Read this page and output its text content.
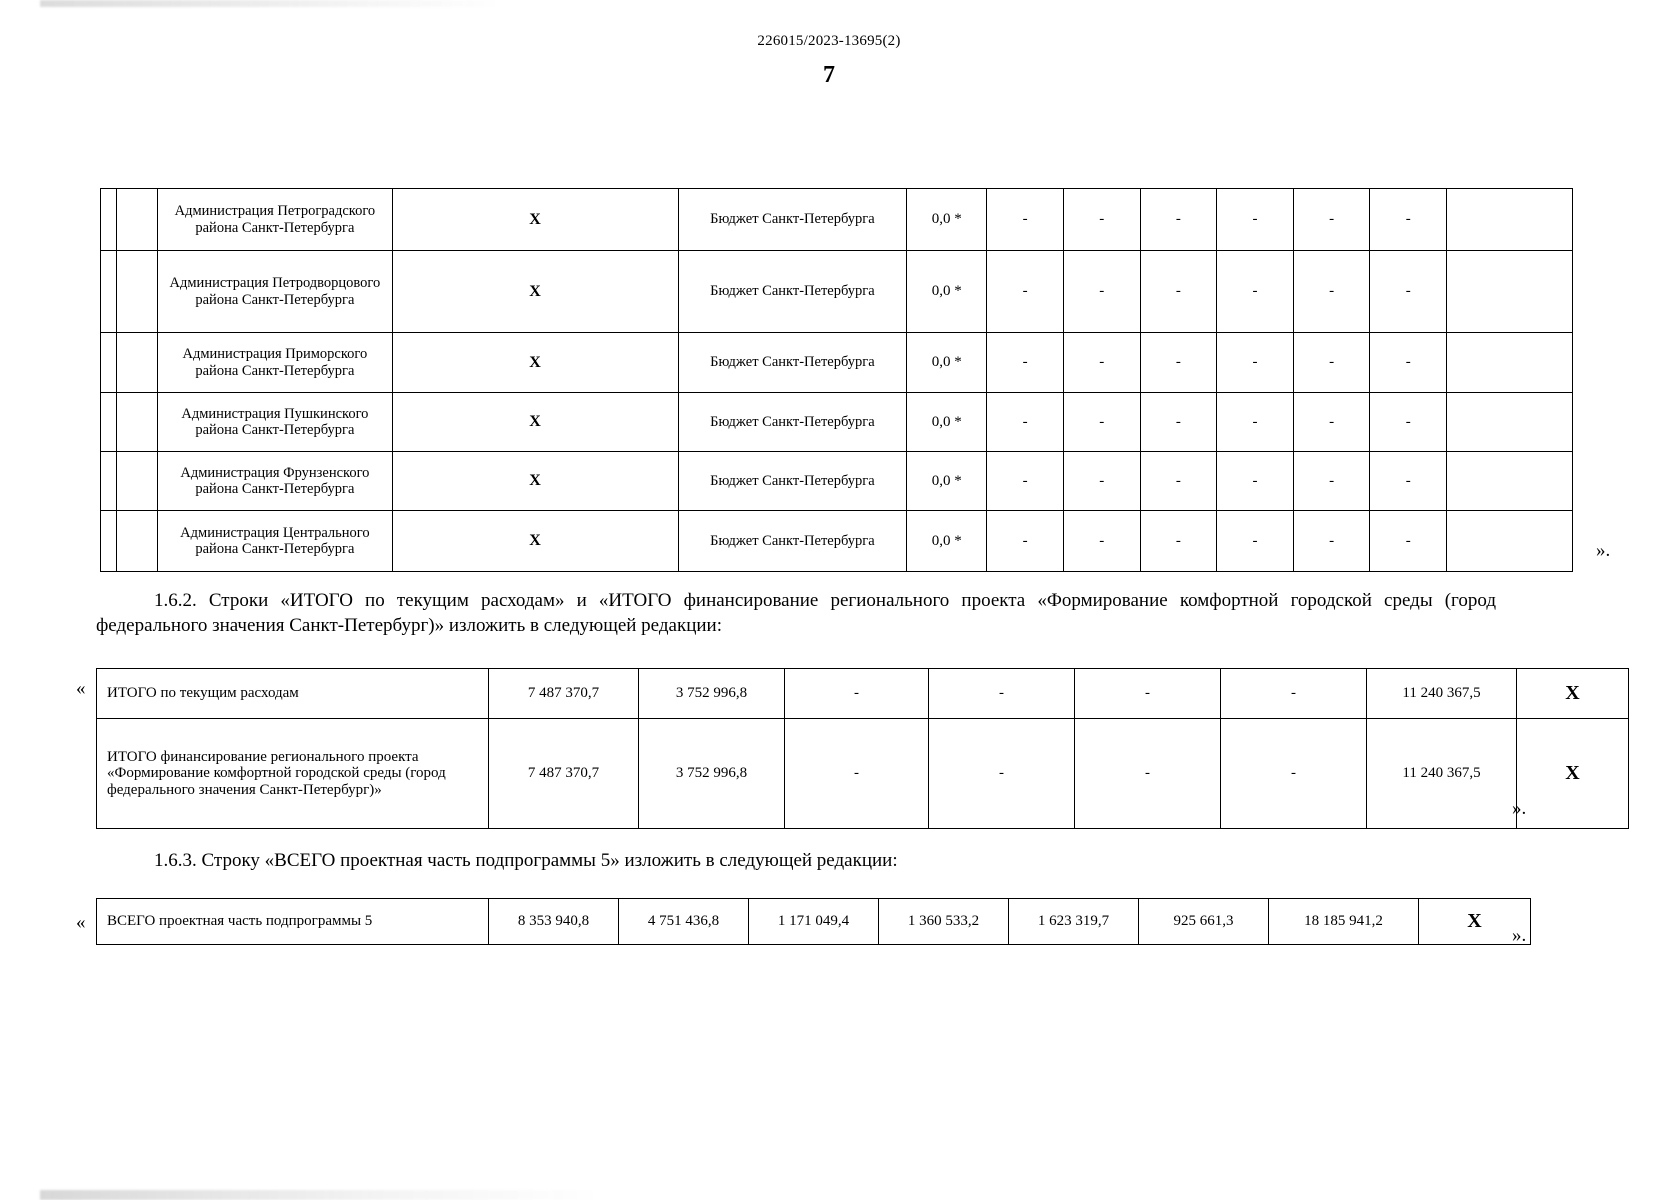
226015/2023-13695(2)
7
		Администрация Петроградского района Санкт-Петербурга	Х	Бюджет Санкт-Петербурга	0,0 *	-	-	-	-	-	-	
		Администрация Петродворцового района Санкт-Петербурга	Х	Бюджет Санкт-Петербурга	0,0 *	-	-	-	-	-	-	
		Администрация Приморского района Санкт-Петербурга	Х	Бюджет Санкт-Петербурга	0,0 *	-	-	-	-	-	-	
		Администрация Пушкинского района Санкт-Петербурга	Х	Бюджет Санкт-Петербурга	0,0 *	-	-	-	-	-	-	
		Администрация Фрунзенского района Санкт-Петербурга	Х	Бюджет Санкт-Петербурга	0,0 *	-	-	-	-	-	-	
		Администрация Центрального района Санкт-Петербурга	Х	Бюджет Санкт-Петербурга	0,0 *	-	-	-	-	-	-		».
1.6.2. Строки «ИТОГО по текущим расходам» и «ИТОГО финансирование регионального проекта «Формирование комфортной городской среды (город федерального значения Санкт-Петербург)» изложить в следующей редакции:
« ИТОГО по текущим расходам	7 487 370,7	3 752 996,8	-	-	-	-	11 240 367,5	Х
ИТОГО финансирование регионального проекта «Формирование комфортной городской среды (город федерального значения Санкт-Петербург)»	7 487 370,7	3 752 996,8	-	-	-	-	11 240 367,5	Х
».
1.6.3. Строку «ВСЕГО проектная часть подпрограммы 5» изложить в следующей редакции:
« ВСЕГО проектная часть подпрограммы 5	8 353 940,8	4 751 436,8	1 171 049,4	1 360 533,2	1 623 319,7	925 661,3	18 185 941,2	Х
».
